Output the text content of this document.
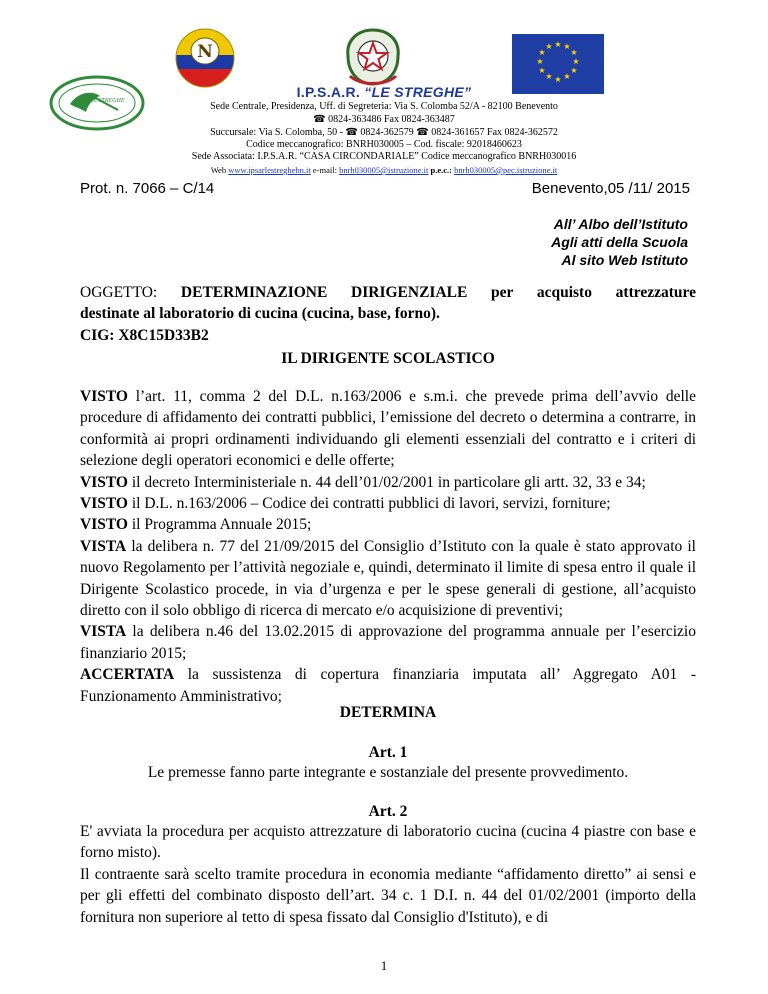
LE STREGHE
N	★ ★
★
★
★
★
★
★
★
★
★
★
I.P.S.A.R. “LE STREGHE”
Sede Centrale, Presidenza, Uff. di Segreteria: Via S. Colomba 52/A - 82100 Benevento
☎ 0824-363486 Fax 0824-363487
Succursale: Via S. Colomba, 50 - ☎ 0824-362579 ☎ 0824-361657 Fax 0824-362572
Codice meccanografico: BNRH030005 – Cod. fiscale: 92018460623
Sede Associata: I.P.S.A.R. “CASA CIRCONDARIALE” Codice meccanografico BNRH030016
Web www.ipsarlestreghebn.it e-mail: bnrh030005@istruzione.it p.e.c.: bnrh030005@pec.istruzione.it
Prot. n. 7066 – C/14	Benevento,05 /11/ 2015
All’ Albo dell’Istituto
Agli atti della Scuola
Al sito Web Istituto

OGGETTO: DETERMINAZIONE DIRIGENZIALE per acquisto attrezzature

destinate al laboratorio di cucina (cucina, base, forno).

CIG: X8C15D33B2

IL DIRIGENTE SCOLASTICO

VISTO l’art. 11, comma 2 del D.L. n.163/2006 e s.m.i. che prevede prima dell’avvio delle procedure di affidamento dei contratti pubblici, l’emissione del decreto o determina a contrarre, in conformità ai propri ordinamenti individuando gli elementi essenziali del contratto e i criteri di selezione degli operatori economici e delle offerte;

VISTO il decreto Interministeriale n. 44 dell’01/02/2001 in particolare gli artt. 32, 33 e 34;

VISTO il D.L. n.163/2006 – Codice dei contratti pubblici di lavori, servizi, forniture;

VISTO il Programma Annuale 2015;

VISTA la delibera n. 77 del 21/09/2015 del Consiglio d’Istituto con la quale è stato approvato il nuovo Regolamento per l’attività negoziale e, quindi, determinato il limite di spesa entro il quale il Dirigente Scolastico procede, in via d’urgenza e per le spese generali di gestione, all’acquisto diretto con il solo obbligo di ricerca di mercato e/o acquisizione di preventivi;

VISTA la delibera n.46 del 13.02.2015 di approvazione del programma annuale per l’esercizio finanziario 2015;

ACCERTATA la sussistenza di copertura finanziaria imputata all’ Aggregato A01 - Funzionamento Amministrativo;

DETERMINA
Art. 1
Le premesse fanno parte integrante e sostanziale del presente provvedimento.
Art. 2

E' avviata la procedura per acquisto attrezzature di laboratorio cucina (cucina 4 piastre con base e forno misto).

Il contraente sarà scelto tramite procedura in economia mediante “affidamento diretto” ai sensi e per gli effetti del combinato disposto dell’art. 34 c. 1 D.I. n. 44 del 01/02/2001 (importo della fornitura non superiore al tetto di spesa fissato dal Consiglio d'Istituto), e di

1
